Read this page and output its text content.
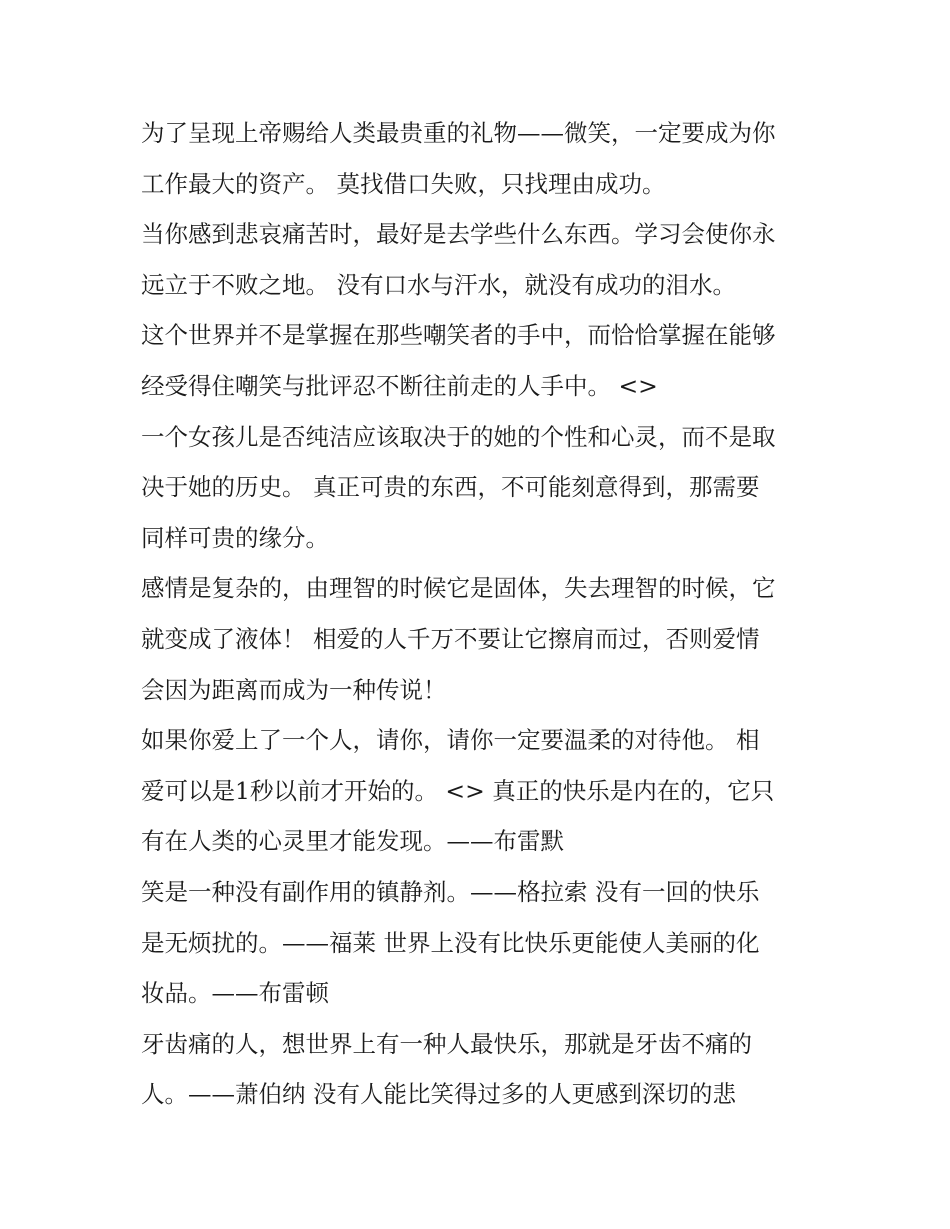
为了呈现上帝赐给人类最贵重的礼物——微笑，一定要成为你
工作最大的资产。 莫找借口失败，只找理由成功。
当你感到悲哀痛苦时，最好是去学些什么东西。学习会使你永
远立于不败之地。 没有口水与汗水，就没有成功的泪水。
这个世界并不是掌握在那些嘲笑者的手中，而恰恰掌握在能够
经受得住嘲笑与批评忍不断往前走的人手中。 <>
一个女孩儿是否纯洁应该取决于的她的个性和心灵，而不是取
决于她的历史。 真正可贵的东西，不可能刻意得到，那需要
同样可贵的缘分。
感情是复杂的，由理智的时候它是固体，失去理智的时候，它
就变成了液体！ 相爱的人千万不要让它擦肩而过，否则爱情
会因为距离而成为一种传说！
如果你爱上了一个人，请你，请你一定要温柔的对待他。 相
爱可以是1秒以前才开始的。 <> 真正的快乐是内在的，它只
有在人类的心灵里才能发现。——布雷默
笑是一种没有副作用的镇静剂。——格拉索 没有一回的快乐
是无烦扰的。——福莱 世界上没有比快乐更能使人美丽的化
妆品。——布雷顿
牙齿痛的人，想世界上有一种人最快乐，那就是牙齿不痛的
人。——萧伯纳 没有人能比笑得过多的人更感到深切的悲
